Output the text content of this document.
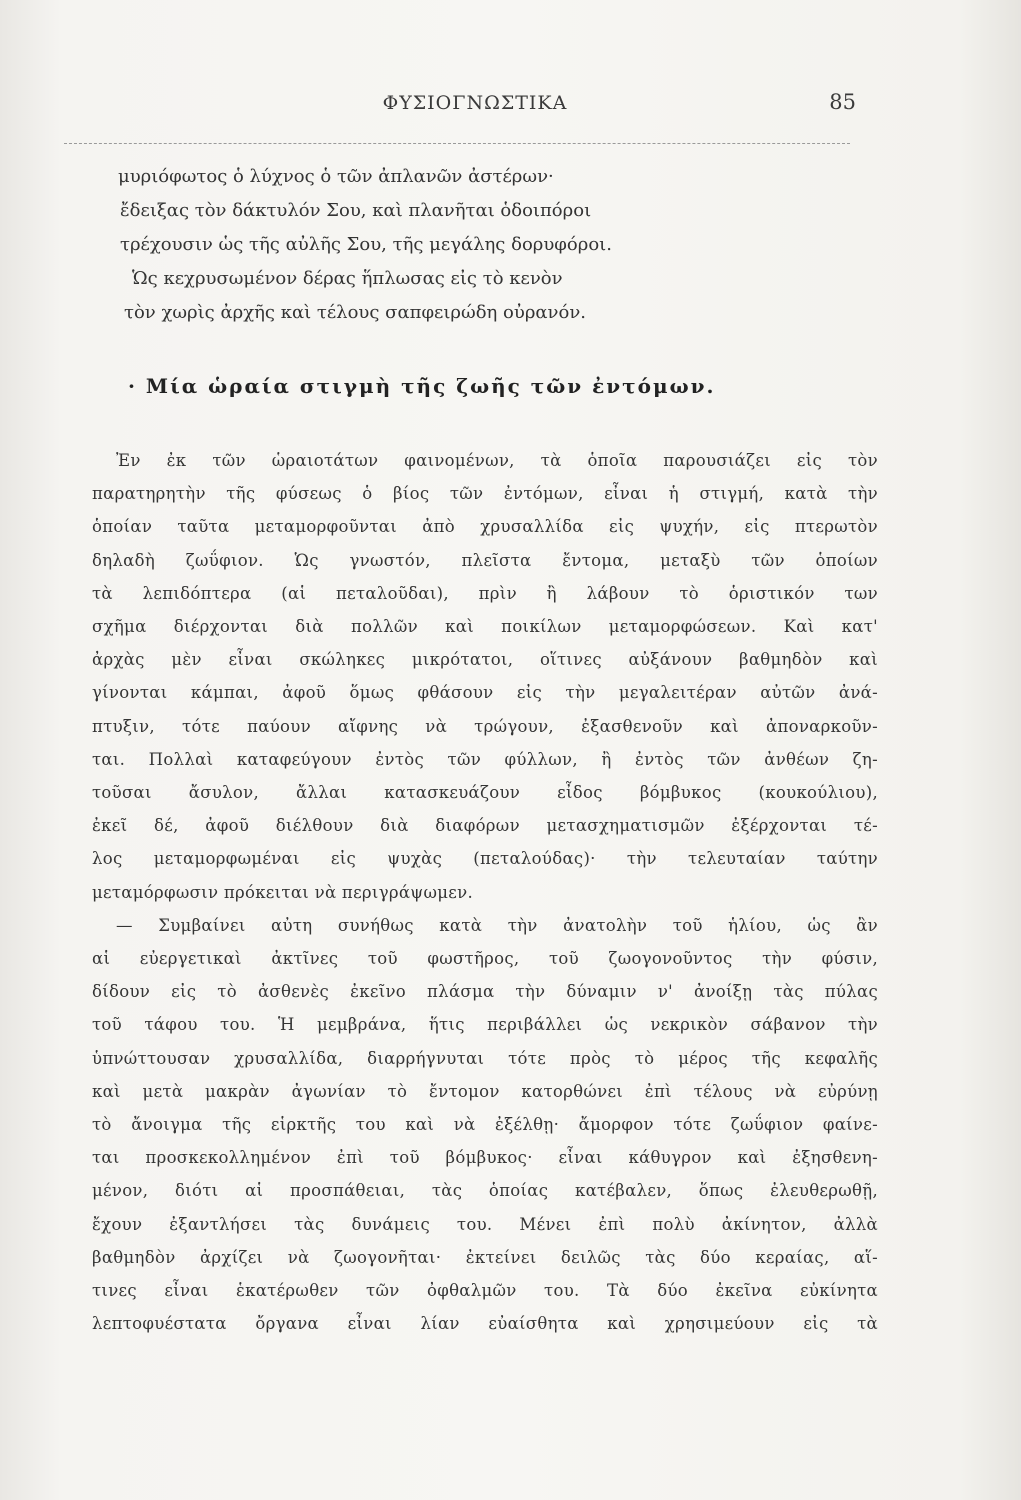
ΦΥΣΙΟΓΝΩΣΤΙΚΑ	85
μυριόφωτος ὁ λύχνος ὁ τῶν ἀπλανῶν ἀστέρων·
ἔδειξας τὸν δάκτυλόν Σου, καὶ πλανῆται ὁδοιπόροι
τρέχουσιν ὡς τῆς αὐλῆς Σου, τῆς μεγάλης δορυφόροι.
Ὡς κεχρυσωμένον δέρας ἥπλωσας εἰς τὸ κενὸν
τὸν χωρὶς ἀρχῆς καὶ τέλους σαπφειρώδη οὐρανόν.
· Μία ὡραία στιγμὴ τῆς ζωῆς τῶν ἐντόμων.
Ἐν ἐκ τῶν ὡραιοτάτων φαινομένων, τὰ ὁποῖα παρουσιάζει εἰς τὸν
παρατηρητὴν τῆς φύσεως ὁ βίος τῶν ἐντόμων, εἶναι ἡ στιγμή, κατὰ τὴν
ὁποίαν ταῦτα μεταμορφοῦνται ἀπὸ χρυσαλλίδα εἰς ψυχήν, εἰς πτερωτὸν
δηλαδὴ ζωΰφιον. Ὡς γνωστόν, πλεῖστα ἔντομα, μεταξὺ τῶν ὁποίων
τὰ λεπιδόπτερα (αἱ πεταλοῦδαι), πρὶν ἢ λάβουν τὸ ὁριστικόν των
σχῆμα διέρχονται διὰ πολλῶν καὶ ποικίλων μεταμορφώσεων. Καὶ κατ'
ἀρχὰς μὲν εἶναι σκώληκες μικρότατοι, οἵτινες αὐξάνουν βαθμηδὸν καὶ
γίνονται κάμπαι, ἀφοῦ ὅμως φθάσουν εἰς τὴν μεγαλειτέραν αὐτῶν ἀνά-
πτυξιν, τότε παύουν αἴφνης νὰ τρώγουν, ἐξασθενοῦν καὶ ἀποναρκοῦν-
ται. Πολλαὶ καταφεύγουν ἐντὸς τῶν φύλλων, ἢ ἐντὸς τῶν ἀνθέων ζη-
τοῦσαι ἄσυλον, ἄλλαι κατασκευάζουν εἶδος βόμβυκος (κουκούλιου),
ἐκεῖ δέ, ἀφοῦ διέλθουν διὰ διαφόρων μετασχηματισμῶν ἐξέρχονται τέ-
λος μεταμορφωμέναι εἰς ψυχὰς (πεταλούδας)· τὴν τελευταίαν ταύτην
μεταμόρφωσιν πρόκειται νὰ περιγράψωμεν.
— Συμβαίνει αὐτη συνήθως κατὰ τὴν ἀνατολὴν τοῦ ἡλίου, ὡς ἂν
αἱ εὐεργετικαὶ ἀκτῖνες τοῦ φωστῆρος, τοῦ ζωογονοῦντος τὴν φύσιν,
δίδουν εἰς τὸ ἀσθενὲς ἐκεῖνο πλάσμα τὴν δύναμιν ν' ἀνοίξῃ τὰς πύλας
τοῦ τάφου του. Ἡ μεμβράνα, ἥτις περιβάλλει ὡς νεκρικὸν σάβανον τὴν
ὑπνώττουσαν χρυσαλλίδα, διαρρήγνυται τότε πρὸς τὸ μέρος τῆς κεφαλῆς
καὶ μετὰ μακρὰν ἀγωνίαν τὸ ἔντομον κατορθώνει ἐπὶ τέλους νὰ εὐρύνῃ
τὸ ἄνοιγμα τῆς εἱρκτῆς του καὶ νὰ ἐξέλθῃ· ἄμορφον τότε ζωΰφιον φαίνε-
ται προσκεκολλημένον ἐπὶ τοῦ βόμβυκος· εἶναι κάθυγρον καὶ ἐξησθενη-
μένον, διότι αἱ προσπάθειαι, τὰς ὁποίας κατέβαλεν, ὅπως ἐλευθερωθῇ,
ἔχουν ἐξαντλήσει τὰς δυνάμεις του. Μένει ἐπὶ πολὺ ἀκίνητον, ἀλλὰ
βαθμηδὸν ἀρχίζει νὰ ζωογονῆται· ἐκτείνει δειλῶς τὰς δύο κεραίας, αἵ-
τινες εἶναι ἑκατέρωθεν τῶν ὀφθαλμῶν του. Τὰ δύο ἐκεῖνα εὐκίνητα
λεπτοφυέστατα ὄργανα εἶναι λίαν εὐαίσθητα καὶ χρησιμεύουν εἰς τὰ
